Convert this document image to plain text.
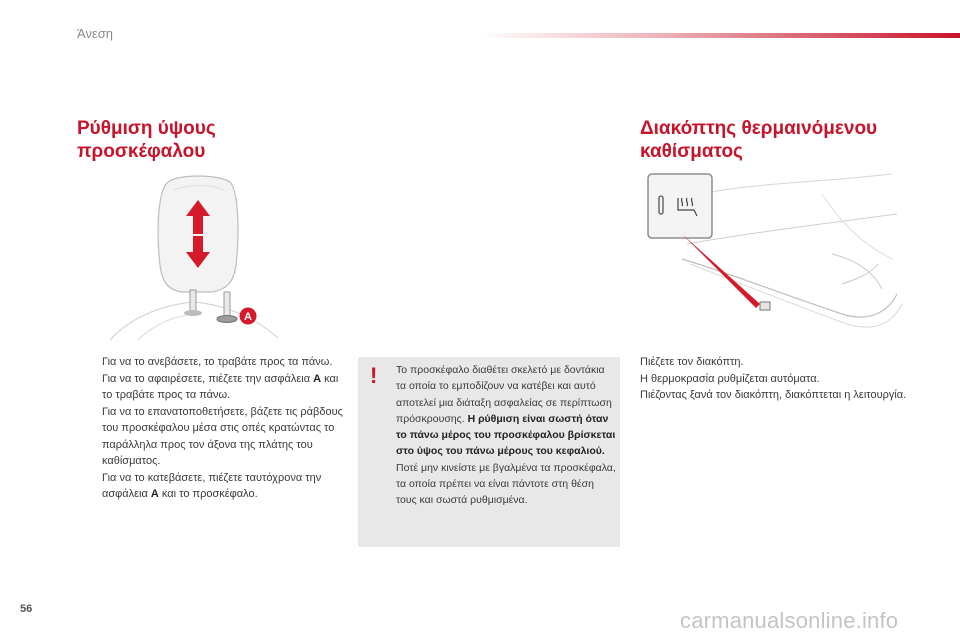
Άνεση
Ρύθμιση ύψους
προσκέφαλου
A
Για να το ανεβάσετε, το τραβάτε προς τα πάνω.
Για να το αφαιρέσετε, πιέζετε την ασφάλεια A και το τραβάτε προς τα πάνω.
Για να το επανατοποθετήσετε, βάζετε τις ράβδους του προσκέφαλου μέσα στις οπές κρατώντας το παράλληλα προς τον άξονα της πλάτης του καθίσματος.
Για να το κατεβάσετε, πιέζετε ταυτόχρονα την ασφάλεια A και το προσκέφαλο.
! Το προσκέφαλο διαθέτει σκελετό με δοντάκια τα οποία το εμποδίζουν να κατέβει και αυτό αποτελεί μια διάταξη ασφαλείας σε περίπτωση πρόσκρουσης. Η ρύθμιση είναι σωστή όταν το πάνω μέρος του προσκέφαλου βρίσκεται στο ύψος του πάνω μέρους του κεφαλιού. Ποτέ μην κινείστε με βγαλμένα τα προσκέφαλα, τα οποία πρέπει να είναι πάντοτε στη θέση τους και σωστά ρυθμισμένα.

Διακόπτης θερμαινόμενου
καθίσματος

Πιέζετε τον διακόπτη.
Η θερμοκρασία ρυθμίζεται αυτόματα.
Πιέζοντας ξανά τον διακόπτη, διακόπτεται η λειτουργία.

56	carmanualsonline.info
